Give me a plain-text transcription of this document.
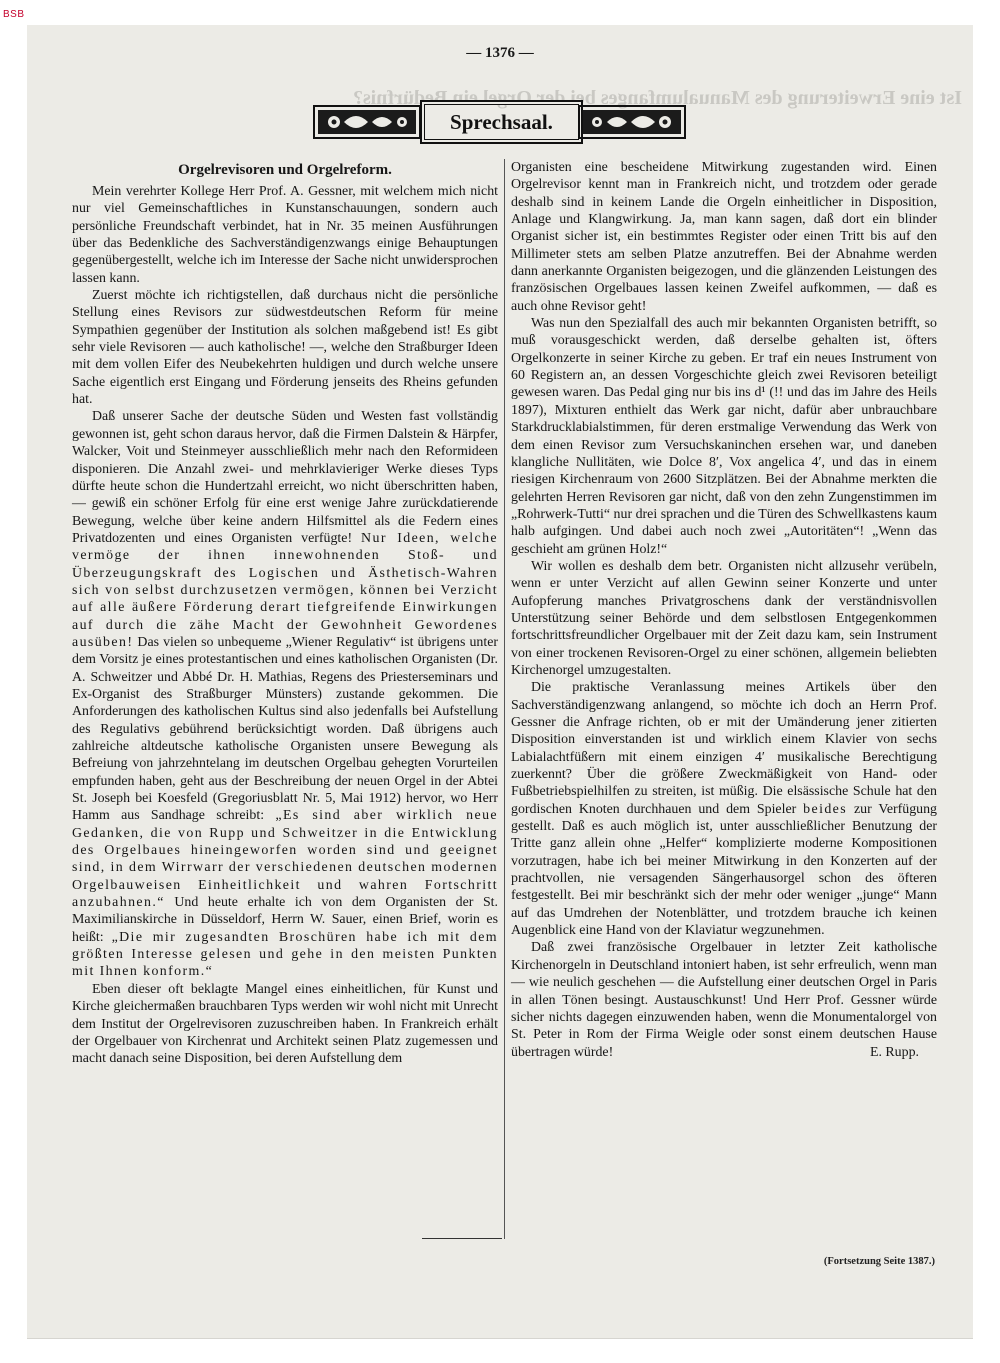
BSB
— 1376 —
Ist eine Erweiterung des Manualumfanges bei der Orgel ein Bedürfnis?
Sprechsaal.
Orgelrevisoren und Orgelreform.

Mein verehrter Kollege Herr Prof. A. Gessner, mit welchem mich nicht nur viel Gemeinschaftliches in Kunstanschauungen, sondern auch persönliche Freundschaft verbindet, hat in Nr. 35 meinen Ausführungen über das Bedenkliche des Sachverständigenzwangs einige Behauptungen gegenübergestellt, welche ich im Interesse der Sache nicht unwidersprochen lassen kann.

Zuerst möchte ich richtigstellen, daß durchaus nicht die persönliche Stellung eines Revisors zur südwestdeutschen Reform für meine Sympathien gegenüber der Institution als solchen maßgebend ist! Es gibt sehr viele Revisoren — auch katholische! —, welche den Straßburger Ideen mit dem vollen Eifer des Neubekehrten huldigen und durch welche unsere Sache eigentlich erst Eingang und Förderung jenseits des Rheins gefunden hat.

Daß unserer Sache der deutsche Süden und Westen fast vollständig gewonnen ist, geht schon daraus hervor, daß die Firmen Dalstein & Härpfer, Walcker, Voit und Steinmeyer ausschließlich mehr nach den Reformideen disponieren. Die Anzahl zwei- und mehrklavieriger Werke dieses Typs dürfte heute schon die Hundertzahl erreicht, wo nicht überschritten haben, — gewiß ein schöner Erfolg für eine erst wenige Jahre zurückdatierende Bewegung, welche über keine andern Hilfsmittel als die Federn eines Privatdozenten und eines Organisten verfügte! Nur Ideen, welche vermöge der ihnen innewohnenden Stoß- und Überzeugungskraft des Logischen und Ästhetisch-Wahren sich von selbst durchzusetzen vermögen, können bei Verzicht auf alle äußere Förderung derart tiefgreifende Einwirkungen auf durch die zähe Macht der Gewohnheit Gewordenes ausüben! Das vielen so unbequeme „Wiener Regulativ“ ist übrigens unter dem Vorsitz je eines protestantischen und eines katholischen Organisten (Dr. A. Schweitzer und Abbé Dr. H. Mathias, Regens des Priesterseminars und Ex-Organist des Straßburger Münsters) zustande gekommen. Die Anforderungen des katholischen Kultus sind also jedenfalls bei Aufstellung des Regulativs gebührend berücksichtigt worden. Daß übrigens auch zahlreiche altdeutsche katholische Organisten unsere Bewegung als Befreiung von jahrzehntelang im deutschen Orgelbau gehegten Vorurteilen empfunden haben, geht aus der Beschreibung der neuen Orgel in der Abtei St. Joseph bei Koesfeld (Gregoriusblatt Nr. 5, Mai 1912) hervor, wo Herr Hamm aus Sandhage schreibt: „Es sind aber wirklich neue Gedanken, die von Rupp und Schweitzer in die Entwicklung des Orgelbaues hineingeworfen worden sind und geeignet sind, in dem Wirrwarr der verschiedenen deutschen modernen Orgelbauweisen Einheitlichkeit und wahren Fortschritt anzubahnen.“ Und heute erhalte ich von dem Organisten der St. Maximilianskirche in Düsseldorf, Herrn W. Sauer, einen Brief, worin es heißt: „Die mir zugesandten Broschüren habe ich mit dem größten Interesse gelesen und gehe in den meisten Punkten mit Ihnen konform.“

Eben dieser oft beklagte Mangel eines einheitlichen, für Kunst und Kirche gleichermaßen brauchbaren Typs werden wir wohl nicht mit Unrecht dem Institut der Orgelrevisoren zuzuschreiben haben. In Frankreich erhält der Orgelbauer von Kirchenrat und Architekt seinen Platz zugemessen und macht danach seine Disposition, bei deren Aufstellung dem

Organisten eine bescheidene Mitwirkung zugestanden wird. Einen Orgelrevisor kennt man in Frankreich nicht, und trotzdem oder gerade deshalb sind in keinem Lande die Orgeln einheitlicher in Disposition, Anlage und Klangwirkung. Ja, man kann sagen, daß dort ein blinder Organist sicher ist, ein bestimmtes Register oder einen Tritt bis auf den Millimeter stets am selben Platze anzutreffen. Bei der Abnahme werden dann anerkannte Organisten beigezogen, und die glänzenden Leistungen des französischen Orgelbaues lassen keinen Zweifel aufkommen, — daß es auch ohne Revisor geht!

Was nun den Spezialfall des auch mir bekannten Organisten betrifft, so muß vorausgeschickt werden, daß derselbe gehalten ist, öfters Orgelkonzerte in seiner Kirche zu geben. Er traf ein neues Instrument von 60 Registern an, an dessen Vorgeschichte gleich zwei Revisoren beteiligt gewesen waren. Das Pedal ging nur bis ins d¹ (!! und das im Jahre des Heils 1897), Mixturen enthielt das Werk gar nicht, dafür aber unbrauchbare Starkdrucklabialstimmen, für deren erstmalige Verwendung das Werk von dem einen Revisor zum Versuchskaninchen ersehen war, und daneben klangliche Nullitäten, wie Dolce 8′, Vox angelica 4′, und das in einem riesigen Kirchenraum von 2600 Sitzplätzen. Bei der Abnahme merkten die gelehrten Herren Revisoren gar nicht, daß von den zehn Zungenstimmen im „Rohrwerk-Tutti“ nur drei sprachen und die Türen des Schwellkastens kaum halb aufgingen. Und dabei auch noch zwei „Autoritäten“! „Wenn das geschieht am grünen Holz!“

Wir wollen es deshalb dem betr. Organisten nicht allzusehr verübeln, wenn er unter Verzicht auf allen Gewinn seiner Konzerte und unter Aufopferung manches Privatgroschens dank der verständnisvollen Unterstützung seiner Behörde und dem selbstlosen Entgegenkommen fortschrittsfreundlicher Orgelbauer mit der Zeit dazu kam, sein Instrument von einer trockenen Revisoren-Orgel zu einer schönen, allgemein beliebten Kirchenorgel umzugestalten.

Die praktische Veranlassung meines Artikels über den Sachverständigenzwang anlangend, so möchte ich doch an Herrn Prof. Gessner die Anfrage richten, ob er mit der Umänderung jener zitierten Disposition einverstanden ist und wirklich einem Klavier von sechs Labialachtfüßern mit einem einzigen 4′ musikalische Berechtigung zuerkennt? Über die größere Zweckmäßigkeit von Hand- oder Fußbetriebspielhilfen zu streiten, ist müßig. Die elsässische Schule hat den gordischen Knoten durchhauen und dem Spieler beides zur Verfügung gestellt. Daß es auch möglich ist, unter ausschließlicher Benutzung der Tritte ganz allein ohne „Helfer“ komplizierte moderne Kompositionen vorzutragen, habe ich bei meiner Mitwirkung in den Konzerten auf der prachtvollen, nie versagenden Sängerhausorgel schon des öfteren festgestellt. Bei mir beschränkt sich der mehr oder weniger „junge“ Mann auf das Umdrehen der Notenblätter, und trotzdem brauche ich keinen Augenblick eine Hand von der Klaviatur wegzunehmen.

Daß zwei französische Orgelbauer in letzter Zeit katholische Kirchenorgeln in Deutschland intoniert haben, ist sehr erfreulich, wenn man — wie neulich geschehen — die Aufstellung einer deutschen Orgel in Paris in allen Tönen besingt. Austauschkunst! Und Herr Prof. Gessner würde sicher nichts dagegen einzuwenden haben, wenn die Monumentalorgel von St. Peter in Rom der Firma Weigle oder sonst einem deutschen Hause übertragen würde!	E. Rupp.

(Fortsetzung Seite 1387.)
